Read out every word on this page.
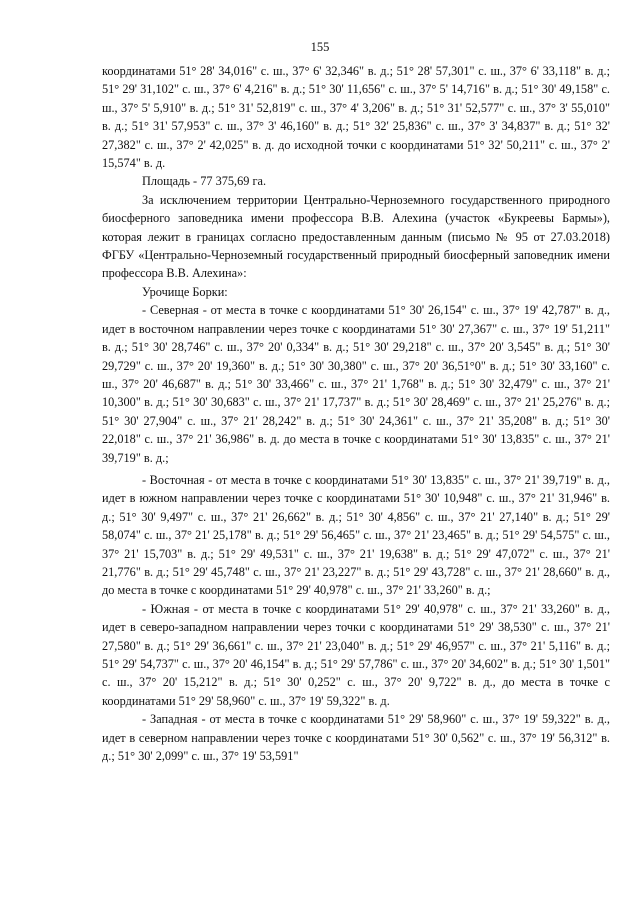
155

координатами 51° 28' 34,016" с. ш., 37° 6' 32,346" в. д.; 51° 28' 57,301" с. ш., 37° 6' 33,118" в. д.; 51° 29' 31,102" с. ш., 37° 6' 4,216" в. д.; 51° 30' 11,656" с. ш., 37° 5' 14,716" в. д.; 51° 30' 49,158" с. ш., 37° 5' 5,910" в. д.; 51° 31' 52,819" с. ш., 37° 4' 3,206" в. д.; 51° 31' 52,577" с. ш., 37° 3' 55,010" в. д.; 51° 31' 57,953" с. ш., 37° 3' 46,160" в. д.; 51° 32' 25,836" с. ш., 37° 3' 34,837" в. д.; 51° 32' 27,382" с. ш., 37° 2' 42,025" в. д. до исходной точки с координатами 51° 32' 50,211" с. ш., 37° 2' 15,574" в. д.

Площадь - 77 375,69 га.

За исключением территории Центрально-Черноземного государственного природного биосферного заповедника имени профессора В.В. Алехина (участок «Букреевы Бармы»), которая лежит в границах согласно предоставленным данным (письмо № 95 от 27.03.2018) ФГБУ «Центрально-Черноземный государственный природный биосферный заповедник имени профессора В.В. Алехина»:

Урочище Борки:

- Северная - от места в точке с координатами 51° 30' 26,154" с. ш., 37° 19' 42,787" в. д., идет в восточном направлении через точке с координатами 51° 30' 27,367" с. ш., 37° 19' 51,211" в. д.; 51° 30' 28,746" с. ш., 37° 20' 0,334" в. д.; 51° 30' 29,218" с. ш., 37° 20' 3,545" в. д.; 51° 30' 29,729" с. ш., 37° 20' 19,360" в. д.; 51° 30' 30,380" с. ш., 37° 20' 36,51°0" в. д.; 51° 30' 33,160" с. ш., 37° 20' 46,687" в. д.; 51° 30' 33,466" с. ш., 37° 21' 1,768" в. д.; 51° 30' 32,479" с. ш., 37° 21' 10,300" в. д.; 51° 30' 30,683" с. ш., 37° 21' 17,737" в. д.; 51° 30' 28,469" с. ш., 37° 21' 25,276" в. д.; 51° 30' 27,904" с. ш., 37° 21' 28,242" в. д.; 51° 30' 24,361" с. ш., 37° 21' 35,208" в. д.; 51° 30' 22,018" с. ш., 37° 21' 36,986" в. д. до места в точке с координатами 51° 30' 13,835" с. ш., 37° 21' 39,719" в. д.;

- Восточная - от места в точке с координатами 51° 30' 13,835" с. ш., 37° 21' 39,719" в. д., идет в южном направлении через точке с координатами 51° 30' 10,948" с. ш., 37° 21' 31,946" в. д.; 51° 30' 9,497" с. ш., 37° 21' 26,662" в. д.; 51° 30' 4,856" с. ш., 37° 21' 27,140" в. д.; 51° 29' 58,074" с. ш., 37° 21' 25,178" в. д.; 51° 29' 56,465" с. ш., 37° 21' 23,465" в. д.; 51° 29' 54,575" с. ш., 37° 21' 15,703" в. д.; 51° 29' 49,531" с. ш., 37° 21' 19,638" в. д.; 51° 29' 47,072" с. ш., 37° 21' 21,776" в. д.; 51° 29' 45,748" с. ш., 37° 21' 23,227" в. д.; 51° 29' 43,728" с. ш., 37° 21' 28,660" в. д., до места в точке с координатами 51° 29' 40,978" с. ш., 37° 21' 33,260" в. д.;

- Южная - от места в точке с координатами 51° 29' 40,978" с. ш., 37° 21' 33,260" в. д., идет в северо-западном направлении через точки с координатами 51° 29' 38,530" с. ш., 37° 21' 27,580" в. д.; 51° 29' 36,661" с. ш., 37° 21' 23,040" в. д.; 51° 29' 46,957" с. ш., 37° 21' 5,116" в. д.; 51° 29' 54,737" с. ш., 37° 20' 46,154" в. д.; 51° 29' 57,786" с. ш., 37° 20' 34,602" в. д.; 51° 30' 1,501" с. ш., 37° 20' 15,212" в. д.; 51° 30' 0,252" с. ш., 37° 20' 9,722" в. д., до места в точке с координатами 51° 29' 58,960" с. ш., 37° 19' 59,322" в. д.

- Западная - от места в точке с координатами 51° 29' 58,960" с. ш., 37° 19' 59,322" в. д., идет в северном направлении через точке с координатами 51° 30' 0,562" с. ш., 37° 19' 56,312" в. д.; 51° 30' 2,099" с. ш., 37° 19' 53,591"
